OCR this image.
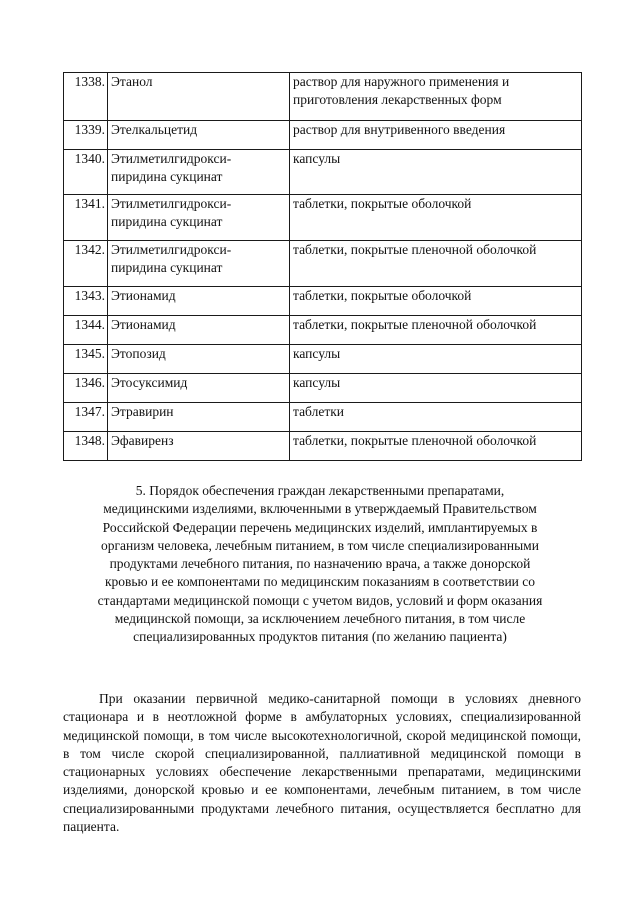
1338.	Этанол	раствор для наружного применения и приготовления лекарственных форм
1339.	Этелкальцетид	раствор для внутривенного введения
1340.	Этилметилгидрокси-пиридина сукцинат	капсулы
1341.	Этилметилгидрокси-пиридина сукцинат	таблетки, покрытые оболочкой
1342.	Этилметилгидрокси-пиридина сукцинат	таблетки, покрытые пленочной оболочкой
1343.	Этионамид	таблетки, покрытые оболочкой
1344.	Этионамид	таблетки, покрытые пленочной оболочкой
1345.	Этопозид	капсулы
1346.	Этосуксимид	капсулы
1347.	Этравирин	таблетки
1348.	Эфавиренз	таблетки, покрытые пленочной оболочкой

5. Порядок обеспечения граждан лекарственными препаратами, медицинскими изделиями, включенными в утверждаемый Правительством Российской Федерации перечень медицинских изделий, имплантируемых в организм человека, лечебным питанием, в том числе специализированными продуктами лечебного питания, по назначению врача, а также донорской кровью и ее компонентами по медицинским показаниям в соответствии со стандартами медицинской помощи с учетом видов, условий и форм оказания медицинской помощи, за исключением лечебного питания, в том числе специализированных продуктов питания (по желанию пациента)

При оказании первичной медико-санитарной помощи в условиях дневного стационара и в неотложной форме в амбулаторных условиях, специализированной медицинской помощи, в том числе высокотехнологичной, скорой медицинской помощи, в том числе скорой специализированной, паллиативной медицинской помощи в стационарных условиях обеспечение лекарственными препаратами, медицинскими изделиями, донорской кровью и ее компонентами, лечебным питанием, в том числе специализированными продуктами лечебного питания, осуществляется бесплатно для пациента.
